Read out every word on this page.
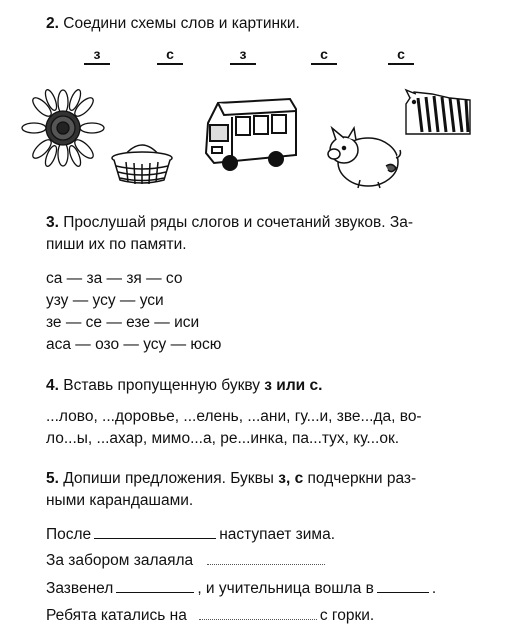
2. Соедини схемы слов и картинки.
з	с	з	с	с
3. Прослушай ряды слогов и сочетаний звуков. За-
пиши их по памяти.
са — за — зя — со
узу — усу — уси
зе — се — езе — иси
аса — озо — усу — юсю
4. Вставь пропущенную букву з или с.
...лово, ...доровье, ...елень, ...ани, гу...и, зве...да, во-
ло...ы, ...ахар, мимо...а, ре...инка, па...тух, ку...ок.
5. Допиши предложения. Буквы з, с подчеркни раз-
ными карандашами.
После	наступает зима.
За забором залаяла
Зазвенел	, и учительница вошла в	.
Ребята катались на	с горки.
